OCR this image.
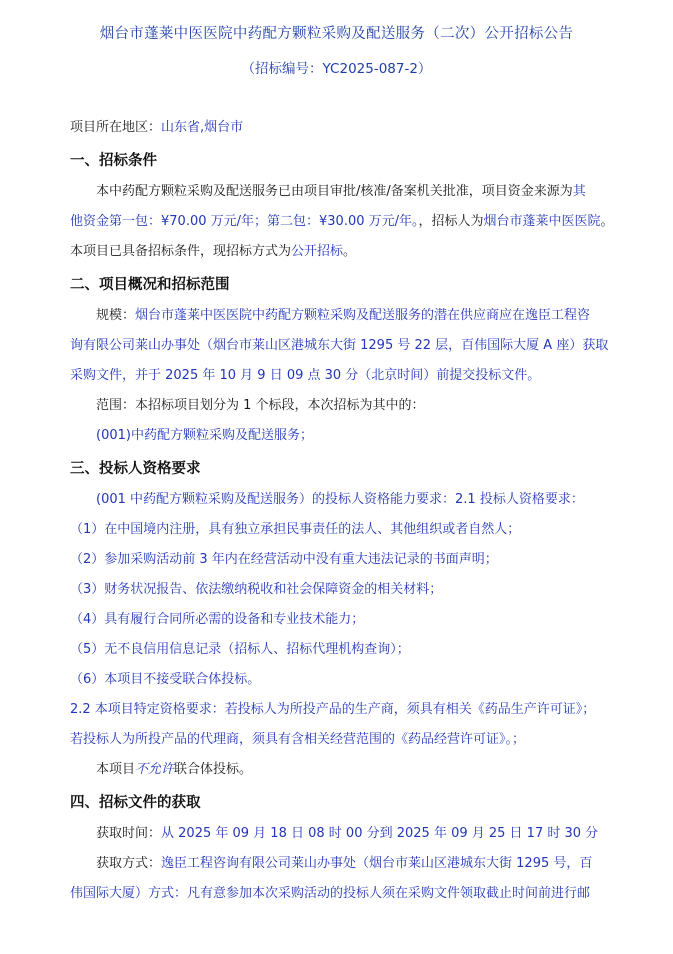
烟台市蓬莱中医医院中药配方颗粒采购及配送服务（二次）公开招标公告
（招标编号：YC2025-087-2）
项目所在地区：山东省,烟台市
一、招标条件
本中药配方颗粒采购及配送服务已由项目审批/核准/备案机关批准，项目资金来源为其
他资金第一包：¥70.00 万元/年；第二包：¥30.00 万元/年。，招标人为烟台市蓬莱中医医院。
本项目已具备招标条件，现招标方式为公开招标。
二、项目概况和招标范围
规模：烟台市蓬莱中医医院中药配方颗粒采购及配送服务的潜在供应商应在逸臣工程咨
询有限公司莱山办事处（烟台市莱山区港城东大街 1295 号 22 层，百伟国际大厦 A 座）获取
采购文件，并于 2025 年 10 月 9 日 09 点 30 分（北京时间）前提交投标文件。
范围：本招标项目划分为 1 个标段，本次招标为其中的：
(001)中药配方颗粒采购及配送服务；
三、投标人资格要求
(001 中药配方颗粒采购及配送服务）的投标人资格能力要求：2.1 投标人资格要求：
（1）在中国境内注册，具有独立承担民事责任的法人、其他组织或者自然人；
（2）参加采购活动前 3 年内在经营活动中没有重大违法记录的书面声明；
（3）财务状况报告、依法缴纳税收和社会保障资金的相关材料；
（4）具有履行合同所必需的设备和专业技术能力；
（5）无不良信用信息记录（招标人、招标代理机构查询）；
（6）本项目不接受联合体投标。
2.2 本项目特定资格要求：若投标人为所投产品的生产商，须具有相关《药品生产许可证》；
若投标人为所投产品的代理商，须具有含相关经营范围的《药品经营许可证》。；
本项目不允许联合体投标。
四、招标文件的获取
获取时间：从 2025 年 09 月 18 日 08 时 00 分到 2025 年 09 月 25 日 17 时 30 分
获取方式：逸臣工程咨询有限公司莱山办事处（烟台市莱山区港城东大街 1295 号，百
伟国际大厦）方式：凡有意参加本次采购活动的投标人须在采购文件领取截止时间前进行邮
